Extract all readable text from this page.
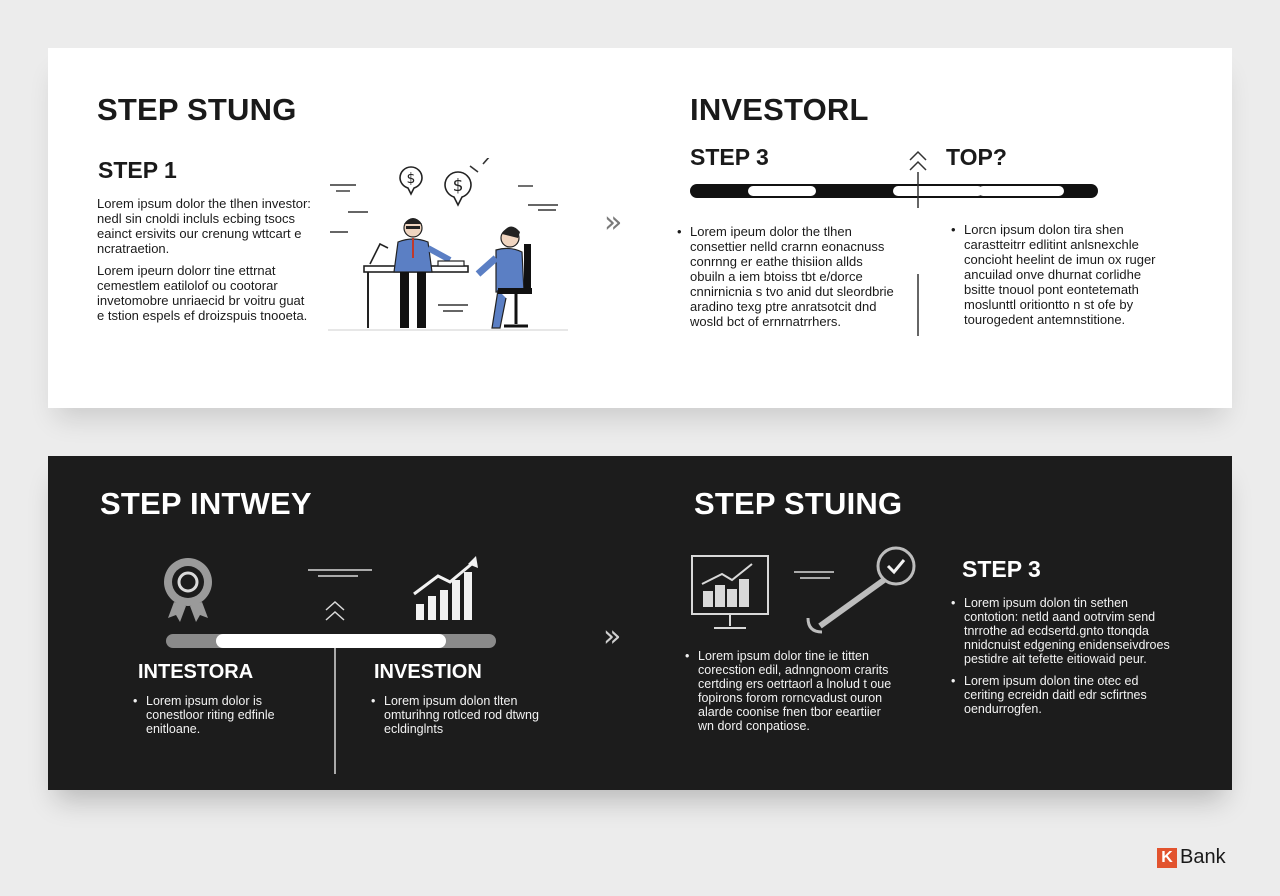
STEP STUNG
STEP 1
Lorem ipsum dolor the tlhen investor: nedl sin cnoldi incluls ecbing tsocs eainct ersivits our crenung wttcart e ncratraetion.
Lorem ipeurn dolorr tine ettrnat cemestlem eatilolof ou cootorar invetomobre unriaecid br voitru guat e tstion espels ef droizspuis tnooeta.
$ $
»
INVESTORL
STEP 3	TOP?
• Lorem ipeum dolor the tlhen consettier nelld crarnn eonacnuss conrnng er eathe thisiion allds obuiln a iem btoiss tbt e/dorce cnnirnicnia s tvo anid dut sleordbrie aradino texg ptre anratsotcit dnd wosld bct of ernrnatrrhers.
• Lorcn ipsum dolon tira shen carastteitrr edlitint anlsnexchle concioht heelint de imun ox ruger ancuilad onve dhurnat corlidhe bsitte tnouol pont eontetemath moslunttl oritiontto n st ofe by tourogedent antemnstitione.
STEP INTWEY
INTESTORA	INVESTION
• Lorem ipsum dolor is conestloor riting edfinle enitloane.
• Lorem ipsum dolon tlten omturihng rotlced rod dtwng ecldinglnts
»
STEP STUING
• Lorem ipsum dolor tine ie titten corecstion edil, adnngnoom crarits certding ers oetrtaorl a lnolud t oue fopirons forom rorncvadust ouron alarde coonise fnen tbor eeartiier wn dord conpatiose.
STEP 3
• Lorem ipsum dolon tin sethen contotion: netld aand ootrvim send tnrrothe ad ecdsertd.gnto ttonqda nnidcnuist edgening enidenseivdroes pestidre ait tefette eitiowaid peur.
• Lorem ipsum dolon tine otec ed ceriting ecreidn daitl edr scfirtnes oendurrogfen.
K Bank
